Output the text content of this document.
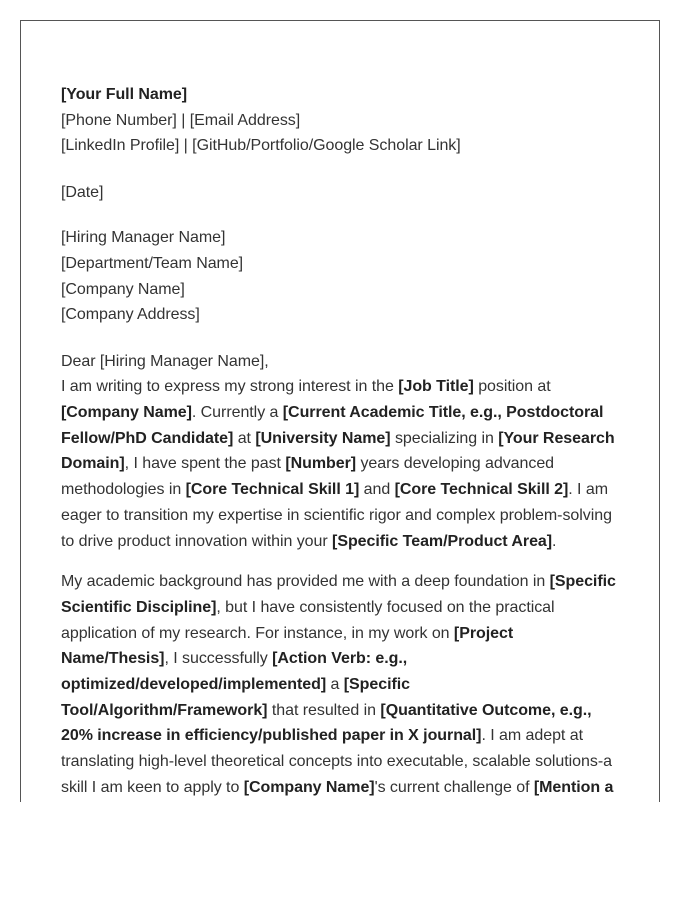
[Your Full Name]
[Phone Number] | [Email Address]
[LinkedIn Profile] | [GitHub/Portfolio/Google Scholar Link]
[Date]
[Hiring Manager Name]
[Department/Team Name]
[Company Name]
[Company Address]
Dear [Hiring Manager Name],
I am writing to express my strong interest in the [Job Title] position at
[Company Name]. Currently a [Current Academic Title, e.g., Postdoctoral
Fellow/PhD Candidate] at [University Name] specializing in [Your Research
Domain], I have spent the past [Number] years developing advanced
methodologies in [Core Technical Skill 1] and [Core Technical Skill 2]. I am
eager to transition my expertise in scientific rigor and complex problem-solving
to drive product innovation within your [Specific Team/Product Area].
My academic background has provided me with a deep foundation in [Specific
Scientific Discipline], but I have consistently focused on the practical
application of my research. For instance, in my work on [Project
Name/Thesis], I successfully [Action Verb: e.g.,
optimized/developed/implemented] a [Specific
Tool/Algorithm/Framework] that resulted in [Quantitative Outcome, e.g.,
20% increase in efficiency/published paper in X journal]. I am adept at
translating high-level theoretical concepts into executable, scalable solutions-a
skill I am keen to apply to [Company Name]'s current challenge of [Mention a
